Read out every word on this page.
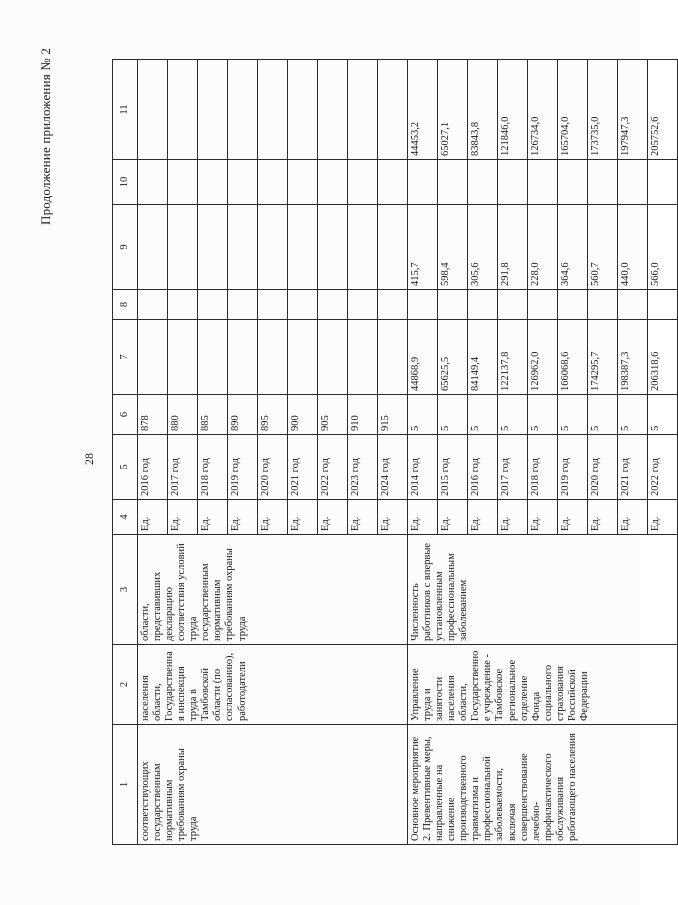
Продолжение приложения № 2
28
1	2	3	4	5	6	7	8	9	10	11
соответствующих государственным нормативным требованиям охраны труда	населения области, Государственная инспекция труда в Тамбовской области (по согласованию), работодатели	области, представивших декларацию соответствия условий труда государственным нормативным требованиям охраны труда	Ед.	2016 год	878					
			Ед.	2017 год	880					
			Ед.	2018 год	885					
			Ед.	2019 год	890					
			Ед.	2020 год	895					
			Ед.	2021 год	900					
			Ед.	2022 год	905					
			Ед.	2023 год	910					
			Ед.	2024 год	915					
Основное мероприятие 2. Превентивные меры, направленные на снижение производственного травматизма и профессиональной заболеваемости, включая совершенствование лечебно-профилактического обслуживания работающего населения	Управление труда и занятости населения области, Государственное учреждение - Тамбовское региональное отделение Фонда социального страхования Российской Федерации	Численность работников с впервые установленным профессиональным заболеванием	Ед.	2014 год	5	44868,9		415,7		44453,2
			Ед.	2015 год	5	65625,5		598,4		65027,1
			Ед.	2016 год	5	84149,4		305,6		83843,8
			Ед.	2017 год	5	122137,8		291,8		121846,0
			Ед.	2018 год	5	126962,0		228,0		126734,0
			Ед.	2019 год	5	166068,6		364,6		165704,0
			Ед.	2020 год	5	174295,7		560,7		173735,0
			Ед.	2021 год	5	198387,3		440,0		197947,3
			Ед.	2022 год	5	206318,6		566,0		205752,6
